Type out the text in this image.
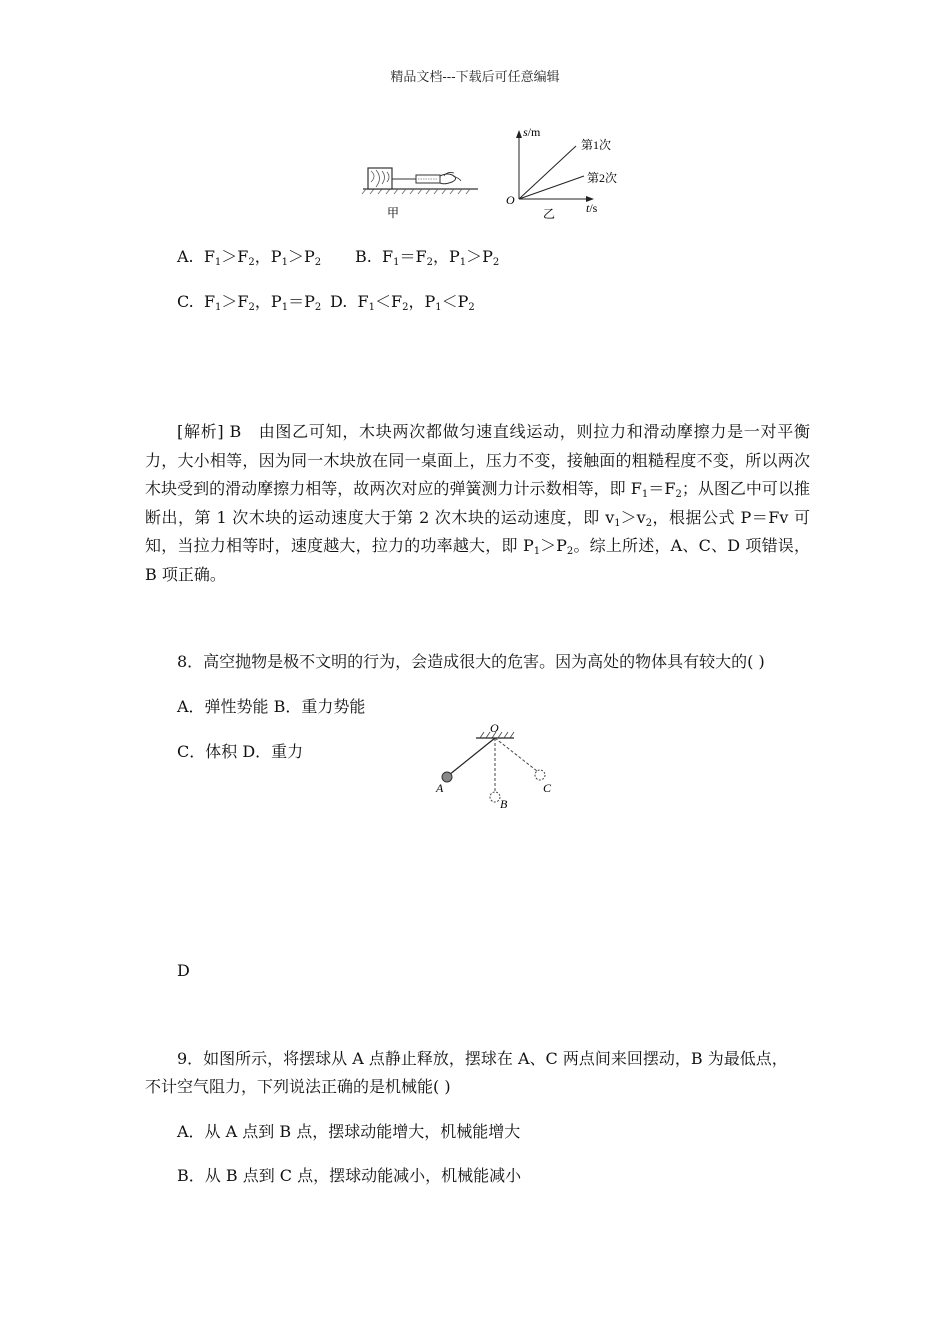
精品文档---下载后可任意编辑
甲
s/m
t/s
O
第1次
第2次
乙
A. $F_1>F_2$，$P_1>P_2$ B. $F_1=F_2$，$P_1>P_2$
C. $F_1>F_2$，$P_1=P_2$ D. $F_1<F_2$，$P_1<P_2$
[解析] B　由图乙可知，木块两次都做匀速直线运动，则拉力和滑动摩擦力是一对平衡力，大小相等，因为同一木块放在同一桌面上，压力不变，接触面的粗糙程度不变，所以两次木块受到的滑动摩擦力相等，故两次对应的弹簧测力计示数相等，即 $F_1=F_2$；从图乙中可以推断出，第 1 次木块的运动速度大于第 2 次木块的运动速度，即 $v_1>v_2$，根据公式 P＝Fv 可知，当拉力相等时，速度越大，拉力的功率越大，即 $P_1>P_2$。综上所述，A、C、D 项错误，B 项正确。
8．高空抛物是极不文明的行为，会造成很大的危害。因为高处的物体具有较大的( )
A．弹性势能 B．重力势能
C．体积 D．重力
O
A
B
C
D
9．如图所示，将摆球从 A 点静止释放，摆球在 A、C 两点间来回摆动，B 为最低点，
不计空气阻力，下列说法正确的是机械能( )
A．从 A 点到 B 点，摆球动能增大，机械能增大
B．从 B 点到 C 点，摆球动能减小，机械能减小
